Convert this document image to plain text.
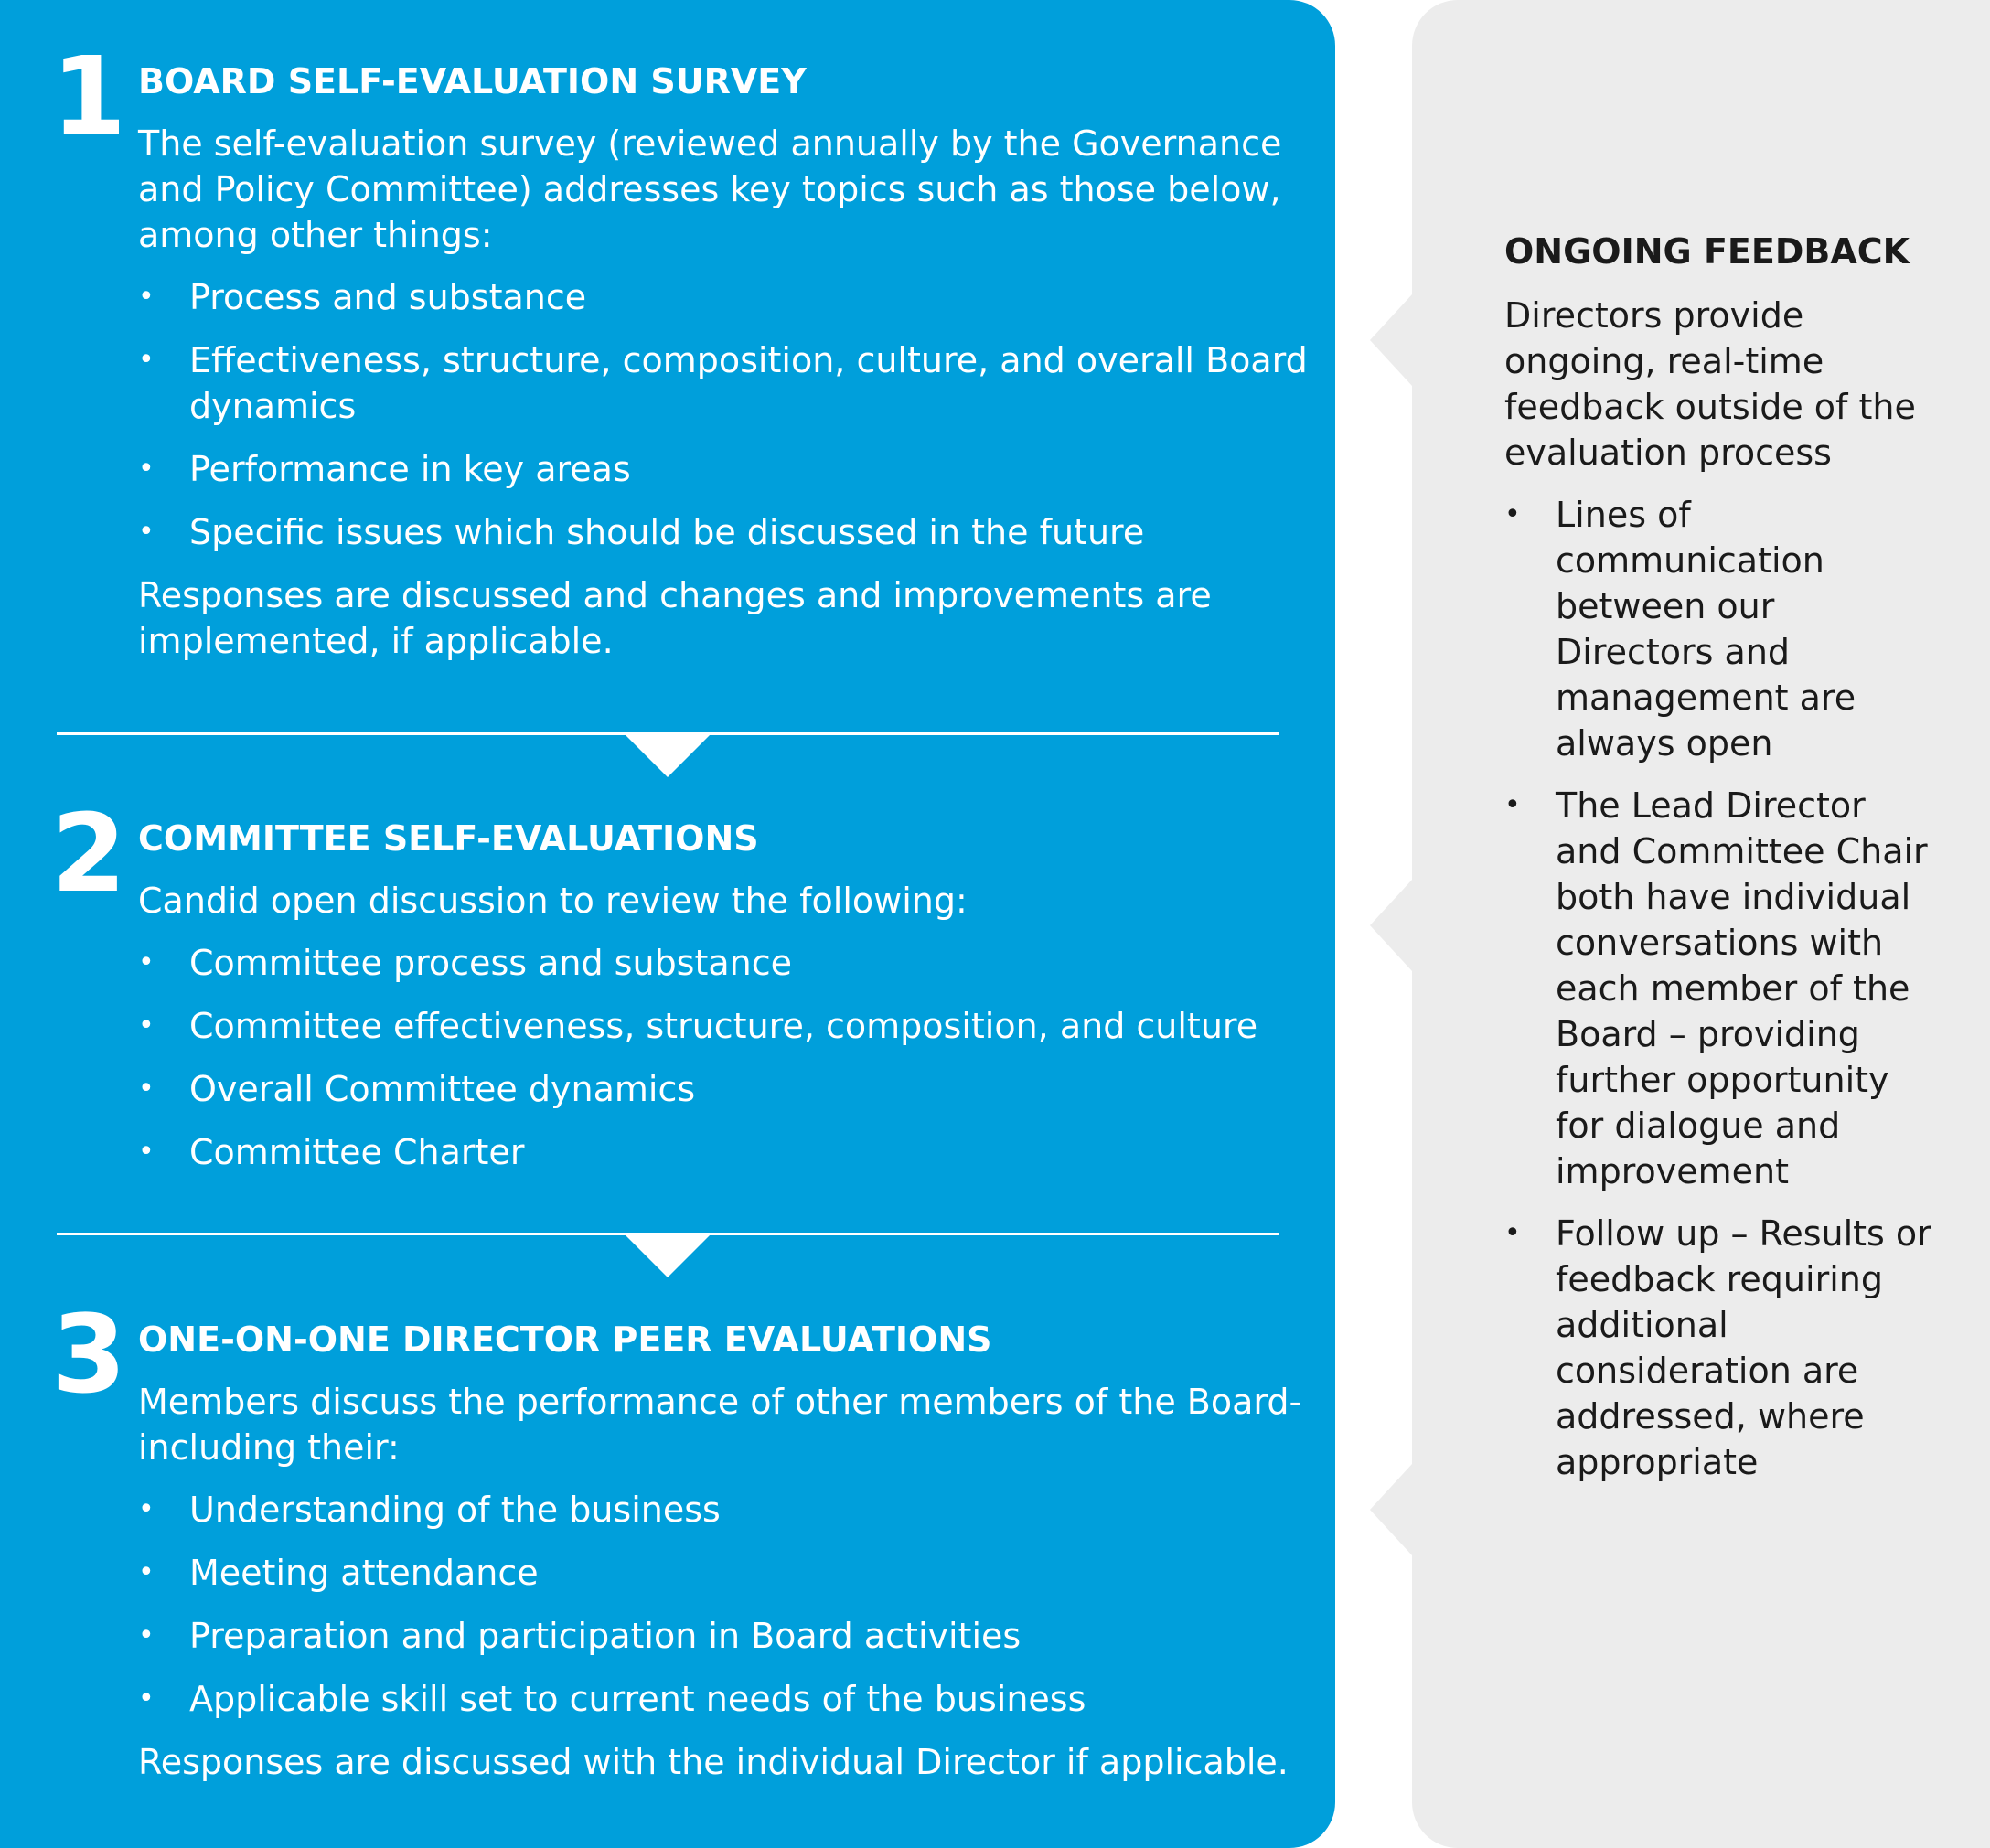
1 BOARD SELF-EVALUATION SURVEY

The self-evaluation survey (reviewed annually by the Governance and Policy Committee) addresses key topics such as those below, among other things:

• Process and substance
• Effectiveness, structure, composition, culture, and overall Board dynamics
• Performance in key areas
• Specific issues which should be discussed in the future

Responses are discussed and changes and improvements are implemented, if applicable.

2 COMMITTEE SELF-EVALUATIONS

Candid open discussion to review the following:

• Committee process and substance
• Committee effectiveness, structure, composition, and culture
• Overall Committee dynamics
• Committee Charter
3 ONE-ON-ONE DIRECTOR PEER EVALUATIONS

Members discuss the performance of other members of the Board-including their:

• Understanding of the business
• Meeting attendance
• Preparation and participation in Board activities
• Applicable skill set to current needs of the business

Responses are discussed with the individual Director if applicable.

ONGOING FEEDBACK

Directors provide ongoing, real-time feedback outside of the evaluation process

• Lines of communication between our Directors and management are always open
• The Lead Director and Committee Chair both have individual conversations with each member of the Board – providing further opportunity for dialogue and improvement
• Follow up – Results or feedback requiring additional consideration are addressed, where appropriate
